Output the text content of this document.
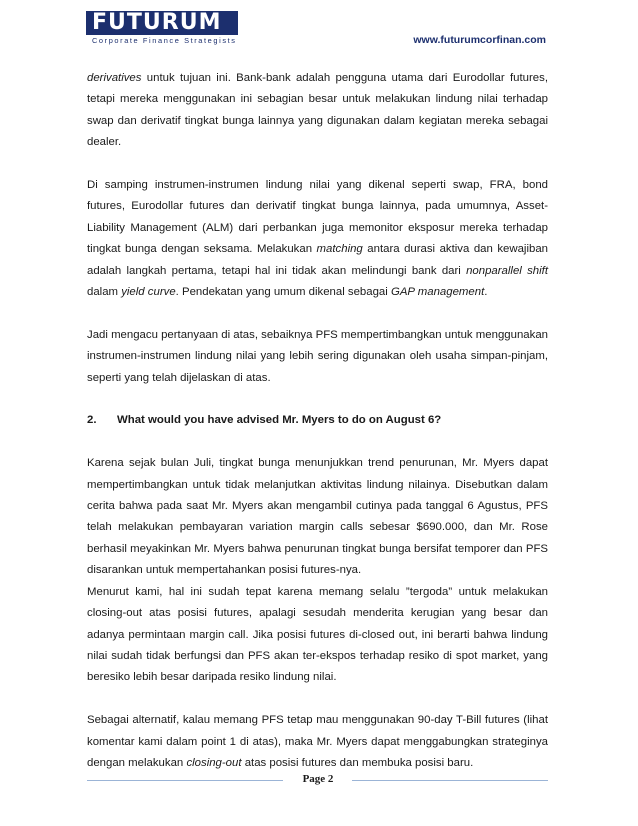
FUTURUM
Corporate Finance Strategists	www.futurumcorfinan.com

derivatives untuk tujuan ini. Bank-bank adalah pengguna utama dari Eurodollar futures, tetapi mereka menggunakan ini sebagian besar untuk melakukan lindung nilai terhadap swap dan derivatif tingkat bunga lainnya yang digunakan dalam kegiatan mereka sebagai dealer.

Di samping instrumen-instrumen lindung nilai yang dikenal seperti swap, FRA, bond futures, Eurodollar futures dan derivatif tingkat bunga lainnya, pada umumnya, Asset-Liability Management (ALM) dari perbankan juga memonitor eksposur mereka terhadap tingkat bunga dengan seksama. Melakukan matching antara durasi aktiva dan kewajiban adalah langkah pertama, tetapi hal ini tidak akan melindungi bank dari nonparallel shift dalam yield curve. Pendekatan yang umum dikenal sebagai GAP management.

Jadi mengacu pertanyaan di atas, sebaiknya PFS mempertimbangkan untuk menggunakan instrumen-instrumen lindung nilai yang lebih sering digunakan oleh usaha simpan-pinjam, seperti yang telah dijelaskan di atas.

2.	What would you have advised Mr. Myers to do on August 6?

Karena sejak bulan Juli, tingkat bunga menunjukkan trend penurunan, Mr. Myers dapat mempertimbangkan untuk tidak melanjutkan aktivitas lindung nilainya. Disebutkan dalam cerita bahwa pada saat Mr. Myers akan mengambil cutinya pada tanggal 6 Agustus, PFS telah melakukan pembayaran variation margin calls sebesar $690.000, dan Mr. Rose berhasil meyakinkan Mr. Myers bahwa penurunan tingkat bunga bersifat temporer dan PFS disarankan untuk mempertahankan posisi futures-nya.

Menurut kami, hal ini sudah tepat karena memang selalu ”tergoda” untuk melakukan closing-out atas posisi futures, apalagi sesudah menderita kerugian yang besar dan adanya permintaan margin call. Jika posisi futures di-closed out, ini berarti bahwa lindung nilai sudah tidak berfungsi dan PFS akan ter-ekspos terhadap resiko di spot market, yang beresiko lebih besar daripada resiko lindung nilai.

Sebagai alternatif, kalau memang PFS tetap mau menggunakan 90-day T-Bill futures (lihat komentar kami dalam point 1 di atas), maka Mr. Myers dapat menggabungkan strateginya dengan melakukan closing-out atas posisi futures dan membuka posisi baru.

Page 2
